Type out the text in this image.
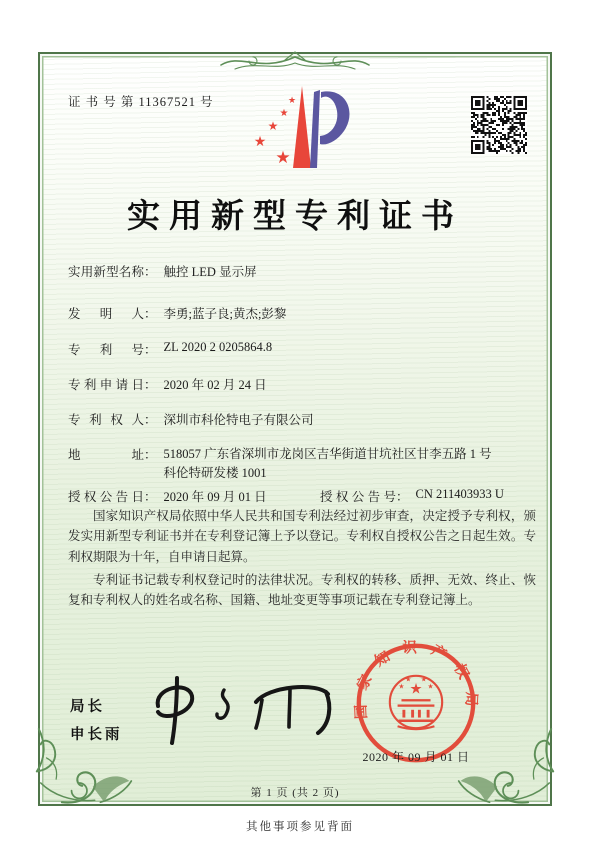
证 书 号 第 11367521 号	★
★
★
★
★
实用新型专利证书
实用新型名称： 触控 LED 显示屏
发明人： 李勇;蓝子良;黄杰;彭黎
专利号： ZL 2020 2 0205864.8
专利申请日： 2020 年 02 月 24 日
专利权人： 深圳市科伦特电子有限公司
地址： 518057 广东省深圳市龙岗区吉华街道甘坑社区甘李五路 1 号科伦特研发楼 1001
授权公告日： 2020 年 09 月 01 日	授权公告号： CN 211403933 U

国家知识产权局依照中华人民共和国专利法经过初步审查，决定授予专利权，颁发实用新型专利证书并在专利登记簿上予以登记。专利权自授权公告之日起生效。专利权期限为十年，自申请日起算。

专利证书记载专利权登记时的法律状况。专利权的转移、质押、无效、终止、恢复和专利权人的姓名或名称、国籍、地址变更等事项记载在专利登记簿上。

局长
申长雨
国家知识产权局
★
★
★ ★
★
2020 年 09 月 01 日
第 1 页 (共 2 页)
其他事项参见背面
